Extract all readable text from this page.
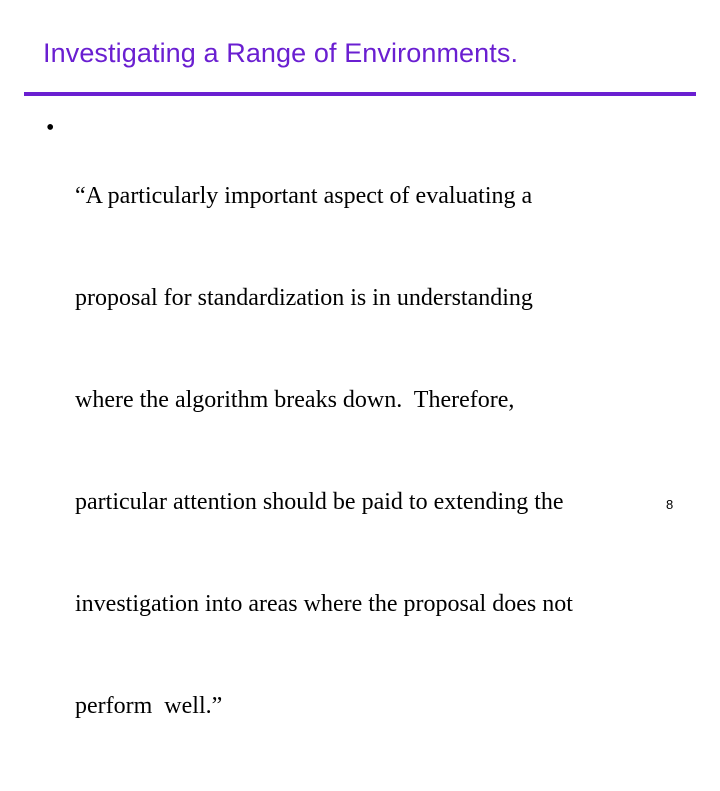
Investigating a Range of Environments.
•

“A particularly important aspect of evaluating a

proposal for standardization is in understanding

where the algorithm breaks down.  Therefore,

particular attention should be paid to extending the

investigation into areas where the proposal does not

perform  well.”

8
